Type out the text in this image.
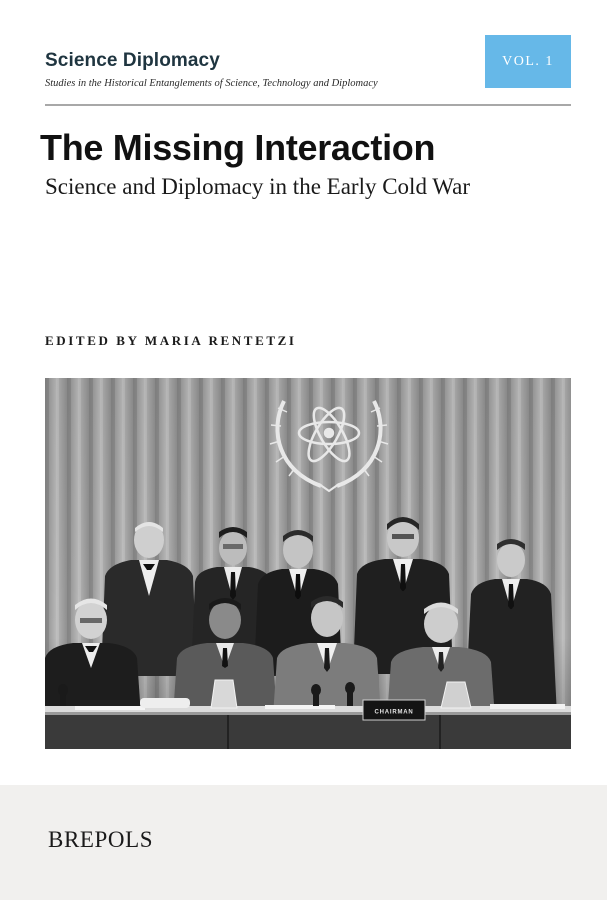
Science Diplomacy

Studies in the Historical Entanglements of Science, Technology and Diplomacy

VOL. 1
The Missing Interaction

Science and Diplomacy in the Early Cold War

EDITED BY MARIA RENTETZI

CHAIRMAN

BREPOLS
